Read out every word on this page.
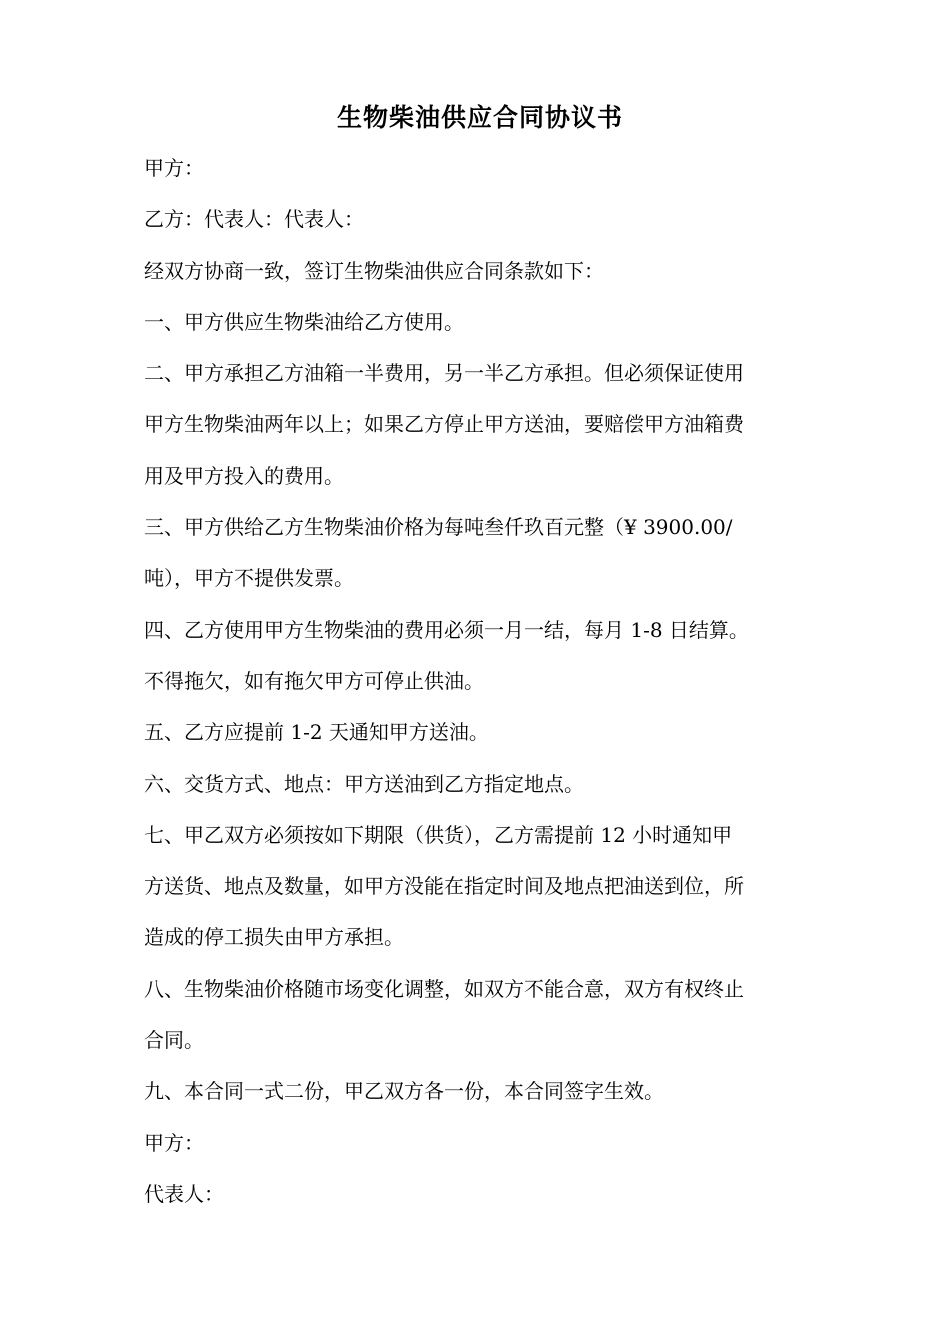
生物柴油供应合同协议书

甲方：

乙方：代表人：代表人：

经双方协商一致，签订生物柴油供应合同条款如下：

一、甲方供应生物柴油给乙方使用。

二、甲方承担乙方油箱一半费用，另一半乙方承担。但必须保证使用

甲方生物柴油两年以上；如果乙方停止甲方送油，要赔偿甲方油箱费

用及甲方投入的费用。

三、甲方供给乙方生物柴油价格为每吨叁仟玖百元整（¥ 3900.00/

吨），甲方不提供发票。

四、乙方使用甲方生物柴油的费用必须一月一结，每月 1-8 日结算。

不得拖欠，如有拖欠甲方可停止供油。

五、乙方应提前 1-2 天通知甲方送油。

六、交货方式、地点：甲方送油到乙方指定地点。

七、甲乙双方必须按如下期限（供货），乙方需提前 12 小时通知甲

方送货、地点及数量，如甲方没能在指定时间及地点把油送到位，所

造成的停工损失由甲方承担。

八、生物柴油价格随市场变化调整，如双方不能合意，双方有权终止

合同。

九、本合同一式二份，甲乙双方各一份，本合同签字生效。

甲方：

代表人：
